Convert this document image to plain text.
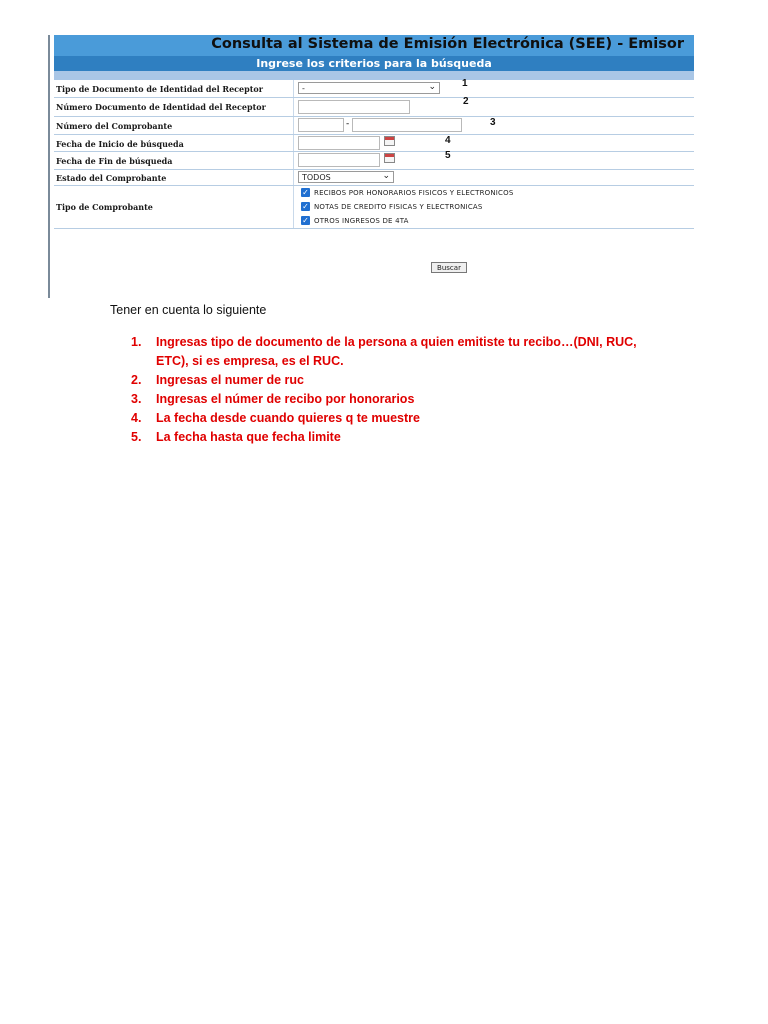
Consulta al Sistema de Emisión Electrónica (SEE) - Emisor
Ingrese los criterios para la búsqueda
Tipo de Documento de Identidad del Receptor	-	⌄	1
Número Documento de Identidad del Receptor	2
Número del Comprobante	-	3
Fecha de Inicio de búsqueda	4
Fecha de Fin de búsqueda	5
Estado del Comprobante	TODOS	⌄
Tipo de Comprobante
✓ RECIBOS POR HONORARIOS FISICOS Y ELECTRONICOS
✓ NOTAS DE CREDITO FISICAS Y ELECTRONICAS
✓ OTROS INGRESOS DE 4TA
Buscar
Tener en cuenta lo siguiente
1. Ingresas tipo de documento de la persona a quien emitiste tu recibo…(DNI, RUC, ETC), si es empresa, es el RUC.
2. Ingresas el numer de ruc
3. Ingresas el númer de recibo por honorarios
4. La fecha desde cuando quieres q te muestre
5. La fecha hasta que fecha limite
